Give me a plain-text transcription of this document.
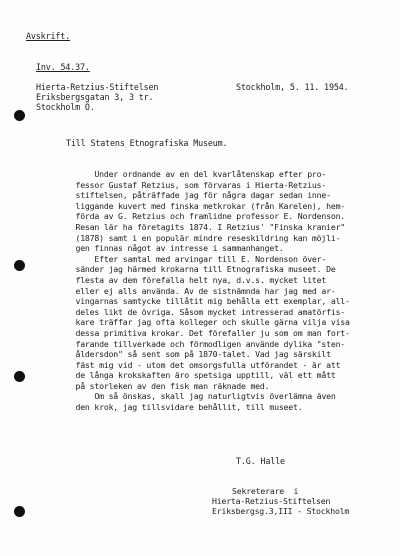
Avskrift.
Inv. 54.37.
Hierta-Retzius-Stiftelsen
Eriksbergsgatan 3, 3 tr.
Stockholm Ö.
Stockholm, 5. 11. 1954.
Till Statens Etnografiska Museum.
Under ordnande av en del kvarlåtenskap efter pro-
fessor Gustaf Retzius, som förvaras i Hierta-Retzius-
stiftelsen, påträffade jag för några dagar sedan inne-
liggande kuvert med finska metkrokar (från Karelen), hem-
förda av G. Retzius och framlidne professor E. Nordenson.
Resan lär ha företagits 1874. I Retzius' "Finska kranier"
(1878) samt i en populär mindre reseskildring kan möjli-
gen finnas något av intresse i sammanhanget.
Efter samtal med arvingar till E. Nordenson över-
sänder jag härmed krokarna till Etnografiska museet. De
flesta av dem förefalla helt nya, d.v.s. mycket litet
eller ej alls använda. Av de sistnämnda har jag med ar-
vingarnas samtycke tillåtit mig behålla ett exemplar, all-
deles likt de övriga. Såsom mycket intresserad amatörfis-
kare träffar jag ofta kolleger och skulle gärna vilja visa
dessa primitiva krokar. Det förefaller ju som om man fort-
farande tillverkade och förmodligen använde dylika "sten-
åldersdon" så sent som på 1870-talet. Vad jag särskilt
fäst mig vid - utom det omsorgsfulla utförandet - är att
de långa krokskaften äro spetsiga upptill, väl ett mått
på storleken av den fisk man räknade med.
Om så önskas, skall jag naturligtvis överlämna även
den krok, jag tillsvidare behållit, till museet.
T.G. Halle
Sekreterare  i
Hierta-Retzius-Stiftelsen
Eriksbergsg.3,III - Stockholm
